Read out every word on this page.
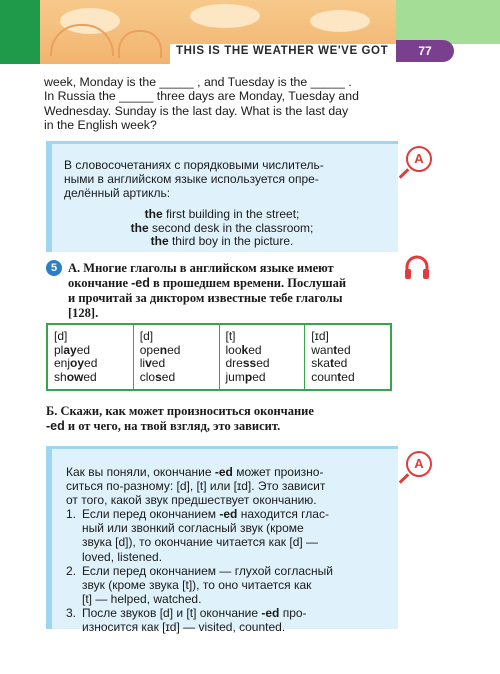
THIS IS THE WEATHER WE'VE GOT	77
week, Monday is the _____ , and Tuesday is the _____ .
In Russia the _____ three days are Monday, Tuesday and
Wednesday. Sunday is the last day. What is the last day
in the English week?
В словосочетаниях с порядковыми числитель-
ными в английском языке используется опре-
делённый артикль:
the first building in the street;
the second desk in the classroom;
the third boy in the picture.
A
5 A. Многие глаголы в английском языке имеют
окончание -ed в прошедшем времени. Послушай
и прочитай за диктором известные тебе глаголы
[128].
[d]
played
enjoyed
showed
[d]
opened
lived
closed
[t]
looked
dressed
jumped
[ɪd]
wanted
skated
counted
Б. Скажи, как может произноситься окончание
-ed и от чего, на твой взгляд, это зависит.
Как вы поняли, окончание -ed может произно-
ситься по-разному: [d], [t] или [ɪd]. Это зависит
от того, какой звук предшествует окончанию.
1. Если перед окончанием -ed находится глас-
ный или звонкий согласный звук (кроме
звука [d]), то окончание читается как [d] —
loved, listened.
2. Если перед окончанием — глухой согласный
звук (кроме звука [t]), то оно читается как
[t] — helped, watched.
3. После звуков [d] и [t] окончание -ed про-
износится как [ɪd] — visited, counted.
A
